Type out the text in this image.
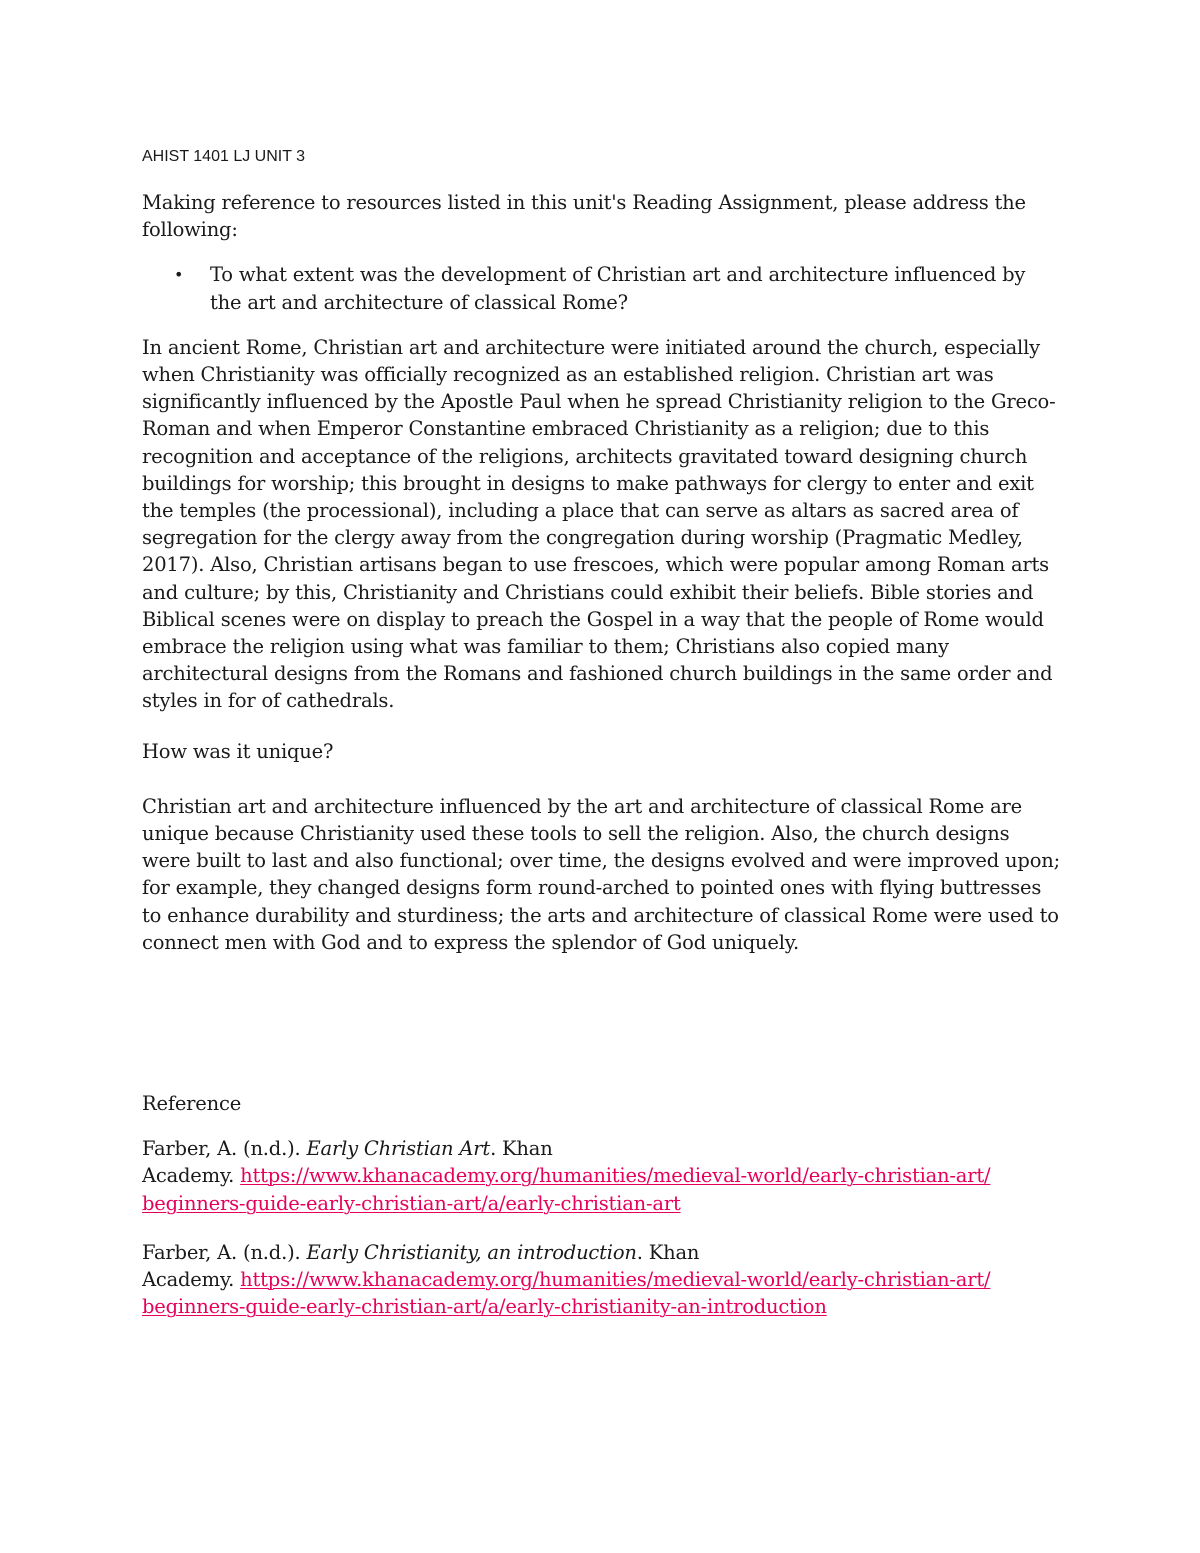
AHIST 1401 LJ UNIT 3

Making reference to resources listed in this unit's Reading Assignment, please address the following:

• To what extent was the development of Christian art and architecture influenced by the art and architecture of classical Rome?

In ancient Rome, Christian art and architecture were initiated around the church, especially when Christianity was officially recognized as an established religion. Christian art was significantly influenced by the Apostle Paul when he spread Christianity religion to the Greco-Roman and when Emperor Constantine embraced Christianity as a religion; due to this recognition and acceptance of the religions, architects gravitated toward designing church buildings for worship; this brought in designs to make pathways for clergy to enter and exit the temples (the processional), including a place that can serve as altars as sacred area of segregation for the clergy away from the congregation during worship (Pragmatic Medley, 2017). Also, Christian artisans began to use frescoes, which were popular among Roman arts and culture; by this, Christianity and Christians could exhibit their beliefs. Bible stories and Biblical scenes were on display to preach the Gospel in a way that the people of Rome would embrace the religion using what was familiar to them; Christians also copied many architectural designs from the Romans and fashioned church buildings in the same order and styles in for of cathedrals.

How was it unique?

Christian art and architecture influenced by the art and architecture of classical Rome are unique because Christianity used these tools to sell the religion. Also, the church designs were built to last and also functional; over time, the designs evolved and were improved upon; for example, they changed designs form round-arched to pointed ones with flying buttresses to enhance durability and sturdiness; the arts and architecture of classical Rome were used to connect men with God and to express the splendor of God uniquely.

Reference

Farber, A. (n.d.). Early Christian Art. Khan
Academy. https://www.khanacademy.org/humanities/medieval-world/early-christian-art/
beginners-guide-early-christian-art/a/early-christian-art
Farber, A. (n.d.). Early Christianity, an introduction. Khan
Academy. https://www.khanacademy.org/humanities/medieval-world/early-christian-art/
beginners-guide-early-christian-art/a/early-christianity-an-introduction
